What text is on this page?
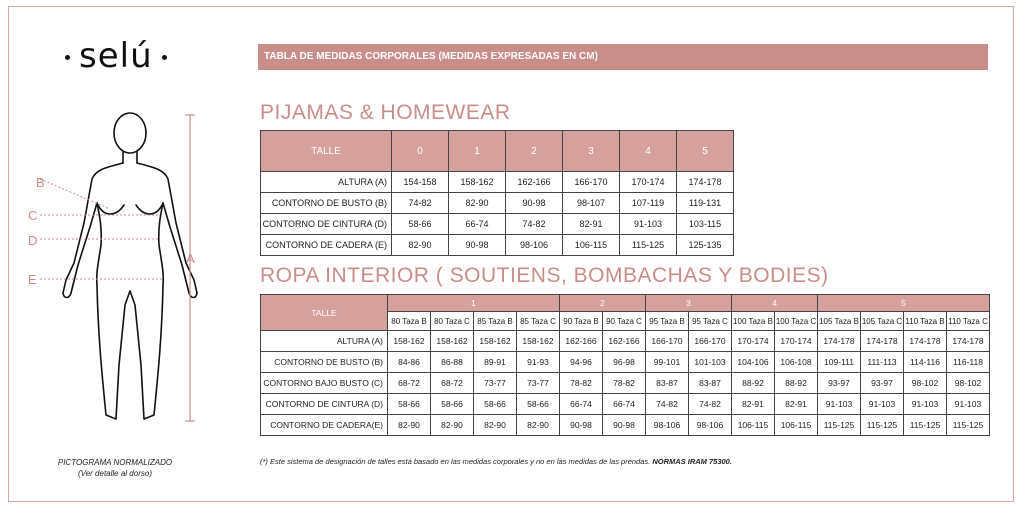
selú	TABLA DE MEDIDAS CORPORALES (MEDIDAS EXPRESADAS EN CM)
B
C
D
E
A
PICTOGRAMA NORMALIZADO
(Ver detalle al dorso)
PIJAMAS & HOMEWEAR
TALLE	0	1	2	3	4	5
ALTURA (A)	154-158	158-162	162-166	166-170	170-174	174-178
CONTORNO DE BUSTO (B)	74-82	82-90	90-98	98-107	107-119	119-131
CONTORNO DE CINTURA (D)	58-66	66-74	74-82	82-91	91-103	103-115
CONTORNO DE CADERA (E)	82-90	90-98	98-106	106-115	115-125	125-135
ROPA INTERIOR ( SOUTIENS, BOMBACHAS Y BODIES)
TALLE	1				2		3		4		5			
	80 Taza B	80 Taza C	85 Taza B	85 Taza C	90 Taza B	90 Taza C	95 Taza B	95 Taza C	100 Taza B	100 Taza C	105 Taza B	105 Taza C	110 Taza B	110 Taza C
ALTURA (A)	158-162	158-162	158-162	158-162	162-166	162-166	166-170	166-170	170-174	170-174	174-178	174-178	174-178	174-178
CONTORNO DE BUSTO (B)	84-86	86-88	89-91	91-93	94-96	96-98	99-101	101-103	104-106	106-108	109-111	111-113	114-116	116-118
CONTORNO BAJO BUSTO (C)	68-72	68-72	73-77	73-77	78-82	78-82	83-87	83-87	88-92	88-92	93-97	93-97	98-102	98-102
CONTORNO DE CINTURA (D)	58-66	58-66	58-66	58-66	66-74	66-74	74-82	74-82	82-91	82-91	91-103	91-103	91-103	91-103
CONTORNO DE CADERA(E)	82-90	82-90	82-90	82-90	90-98	90-98	98-106	98-106	106-115	106-115	115-125	115-125	115-125	115-125
(*) Este sistema de designación de talles está basado en las medidas corporales y no en las medidas de las prendas. NORMAS IRAM 75300.
